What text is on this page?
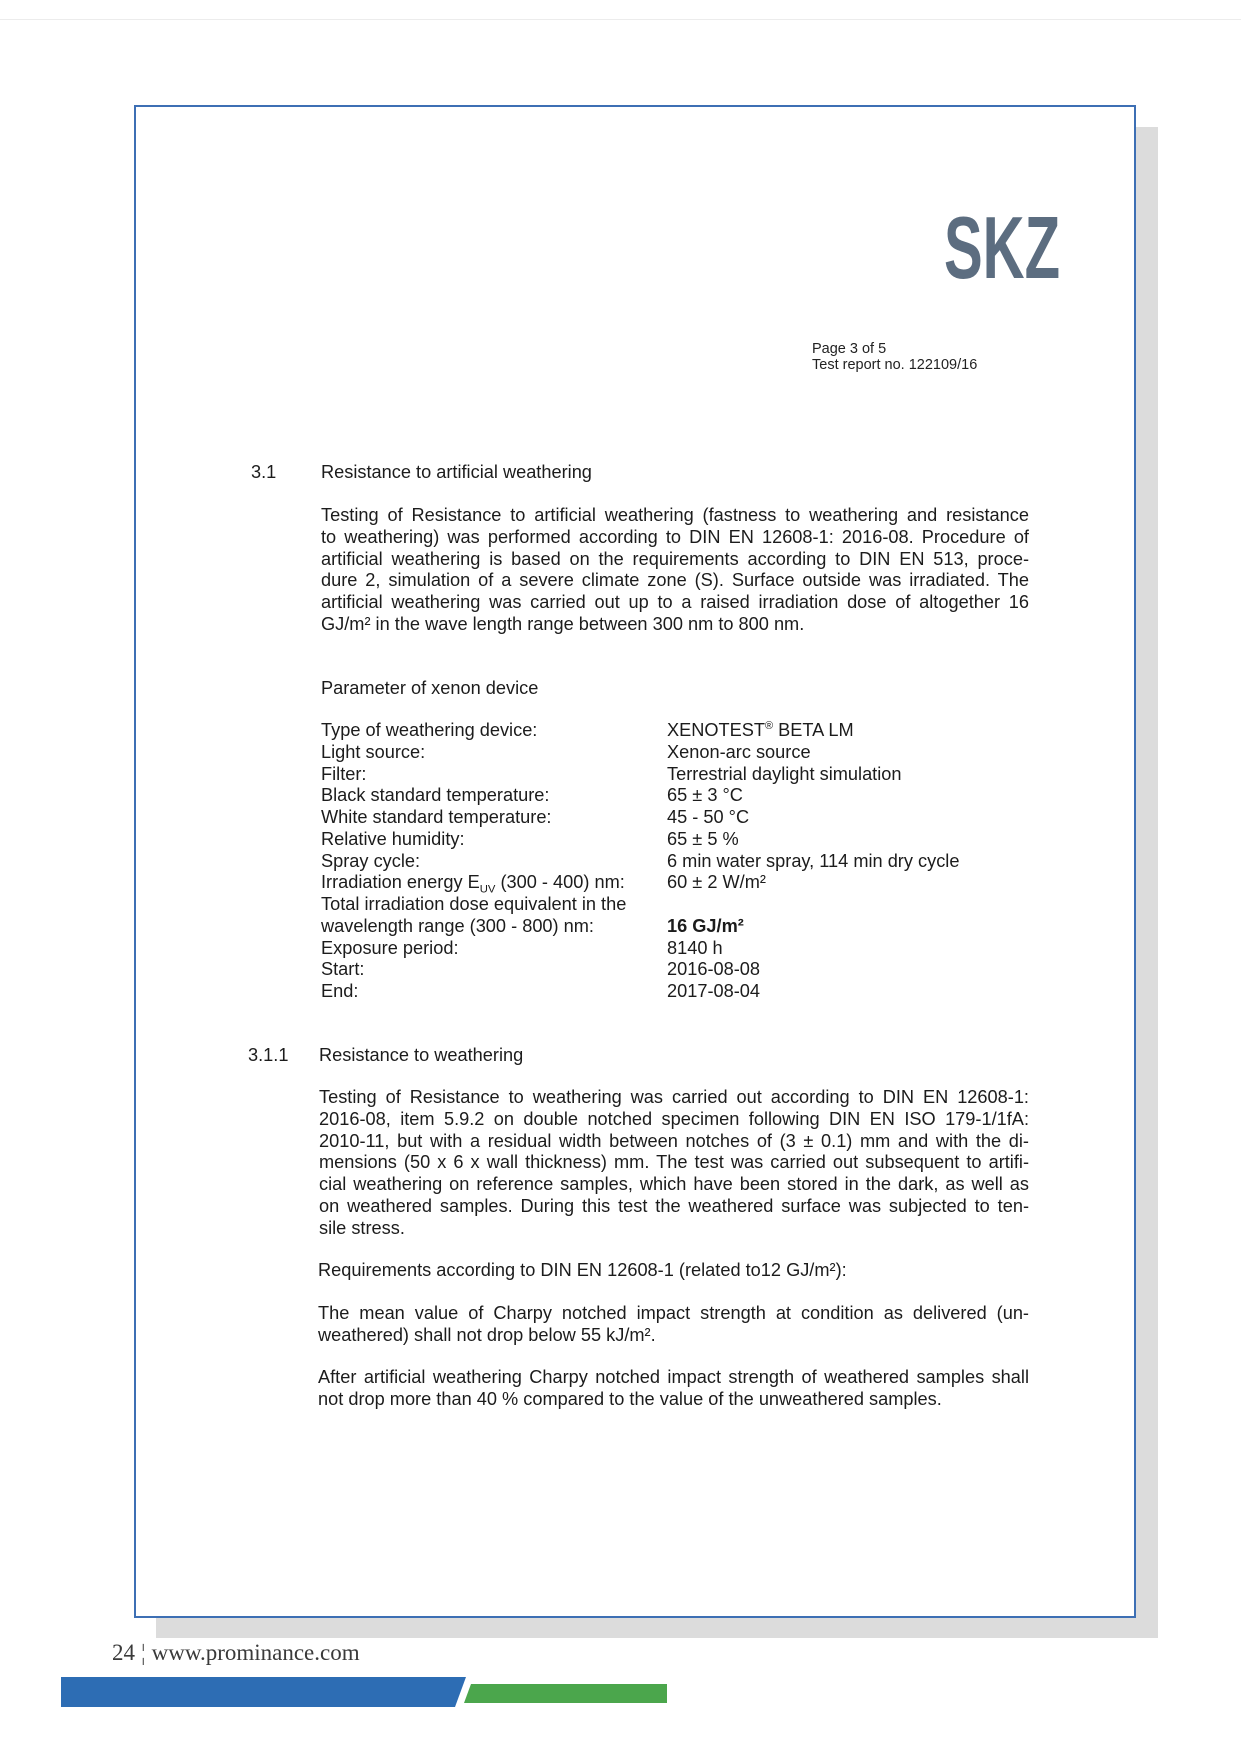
SKZ
Page 3 of 5
Test report no. 122109/16
3.1 Resistance to artificial weathering
Testing of Resistance to artificial weathering (fastness to weathering and resistance
to weathering) was performed according to DIN EN 12608-1: 2016-08. Procedure of
artificial weathering is based on the requirements according to DIN EN 513, proce-
dure 2, simulation of a severe climate zone (S). Surface outside was irradiated. The
artificial weathering was carried out up to a raised irradiation dose of altogether 16
GJ/m² in the wave length range between 300 nm to 800 nm.
Parameter of xenon device
Type of weathering device:	XENOTEST® BETA LM
Light source:	Xenon-arc source
Filter:	Terrestrial daylight simulation
Black standard temperature:	65 ± 3 °C
White standard temperature:	45 - 50 °C
Relative humidity:	65 ± 5 %
Spray cycle:	6 min water spray, 114 min dry cycle
Irradiation energy $E_{UV}$ (300 - 400) nm:	60 ± 2 W/m²
Total irradiation dose equivalent in the
wavelength range (300 - 800) nm:	16 GJ/m²
Exposure period:	8140 h
Start:	2016-08-08
End:	2017-08-04
3.1.1 Resistance to weathering
Testing of Resistance to weathering was carried out according to DIN EN 12608-1:
2016-08, item 5.9.2 on double notched specimen following DIN EN ISO 179-1/1fA:
2010-11, but with a residual width between notches of (3 ± 0.1) mm and with the di-
mensions (50 x 6 x wall thickness) mm. The test was carried out subsequent to artifi-
cial weathering on reference samples, which have been stored in the dark, as well as
on weathered samples. During this test the weathered surface was subjected to ten-
sile stress.
Requirements according to DIN EN 12608-1 (related to12 GJ/m²):
The mean value of Charpy notched impact strength at condition as delivered (un-
weathered) shall not drop below 55 kJ/m².
After artificial weathering Charpy notched impact strength of weathered samples shall
not drop more than 40 % compared to the value of the unweathered samples.
24 ¦ www.prominance.com
